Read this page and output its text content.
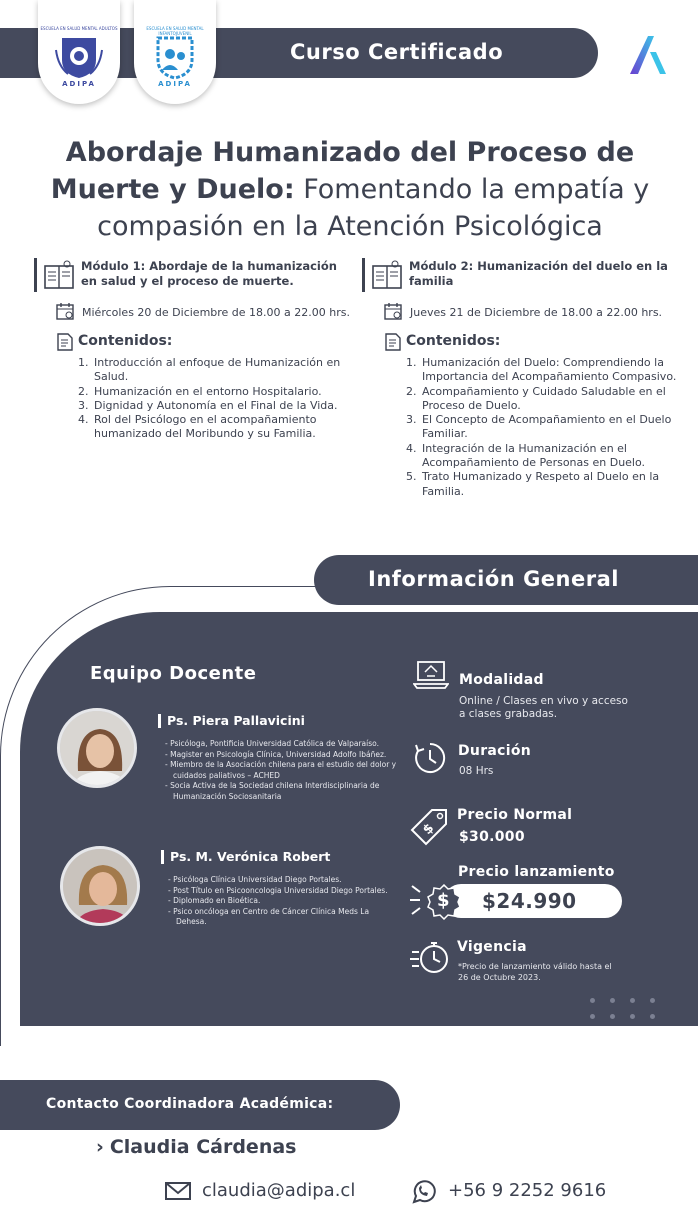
Curso Certificado
ESCUELA EN SALUD MENTAL ADULTOS
ADIPA
ESCUELA EN SALUD MENTAL INFANTOJUVENIL
ADIPA
Abordaje Humanizado del Proceso de Muerte y Duelo: Fomentando la empatía y compasión en la Atención Psicológica
Módulo 1: Abordaje de la humanización en salud y el proceso de muerte.
Miércoles 20 de Diciembre de 18.00 a 22.00 hrs.
Contenidos:
1. Introducción al enfoque de Humanización en Salud.
2. Humanización en el entorno Hospitalario.
3. Dignidad y Autonomía en el Final de la Vida.
4. Rol del Psicólogo en el acompañamiento humanizado del Moribundo y su Familia.
Módulo 2: Humanización del duelo en la familia
Jueves 21 de Diciembre de 18.00 a 22.00 hrs.
Contenidos:
1. Humanización del Duelo: Comprendiendo la Importancia del Acompañamiento Compasivo.
2. Acompañamiento y Cuidado Saludable en el Proceso de Duelo.
3. El Concepto de Acompañamiento en el Duelo Familiar.
4. Integración de la Humanización en el Acompañamiento de Personas en Duelo.
5. Trato Humanizado y Respeto al Duelo en la Familia.
Información General
Equipo Docente
Ps. Piera Pallavicini
- Psicóloga, Pontificia Universidad Católica de Valparaíso.
- Magister en Psicología Clínica, Universidad Adolfo Ibáñez.
- Miembro de la Asociación chilena para el estudio del dolor y cuidados paliativos – ACHED
- Socia Activa de la Sociedad chilena Interdisciplinaria de Humanización Sociosanitaria
Ps. M. Verónica Robert
- Psicóloga Clínica Universidad Diego Portales.
- Post Título en Psicooncologia Universidad Diego Portales.
- Diplomado en Bioética.
- Psico oncóloga en Centro de Cáncer Clínica Meds La Dehesa.
Modalidad
Online / Clases en vivo y acceso
a clases grabadas.
Duración
08 Hrs
$
Precio Normal
$30.000
Precio lanzamiento
$24.990
$
Vigencia
*Precio de lanzamiento válido hasta el
26 de Octubre 2023.
Contacto Coordinadora Académica:
› Claudia Cárdenas
claudia@adipa.cl	+56 9 2252 9616
